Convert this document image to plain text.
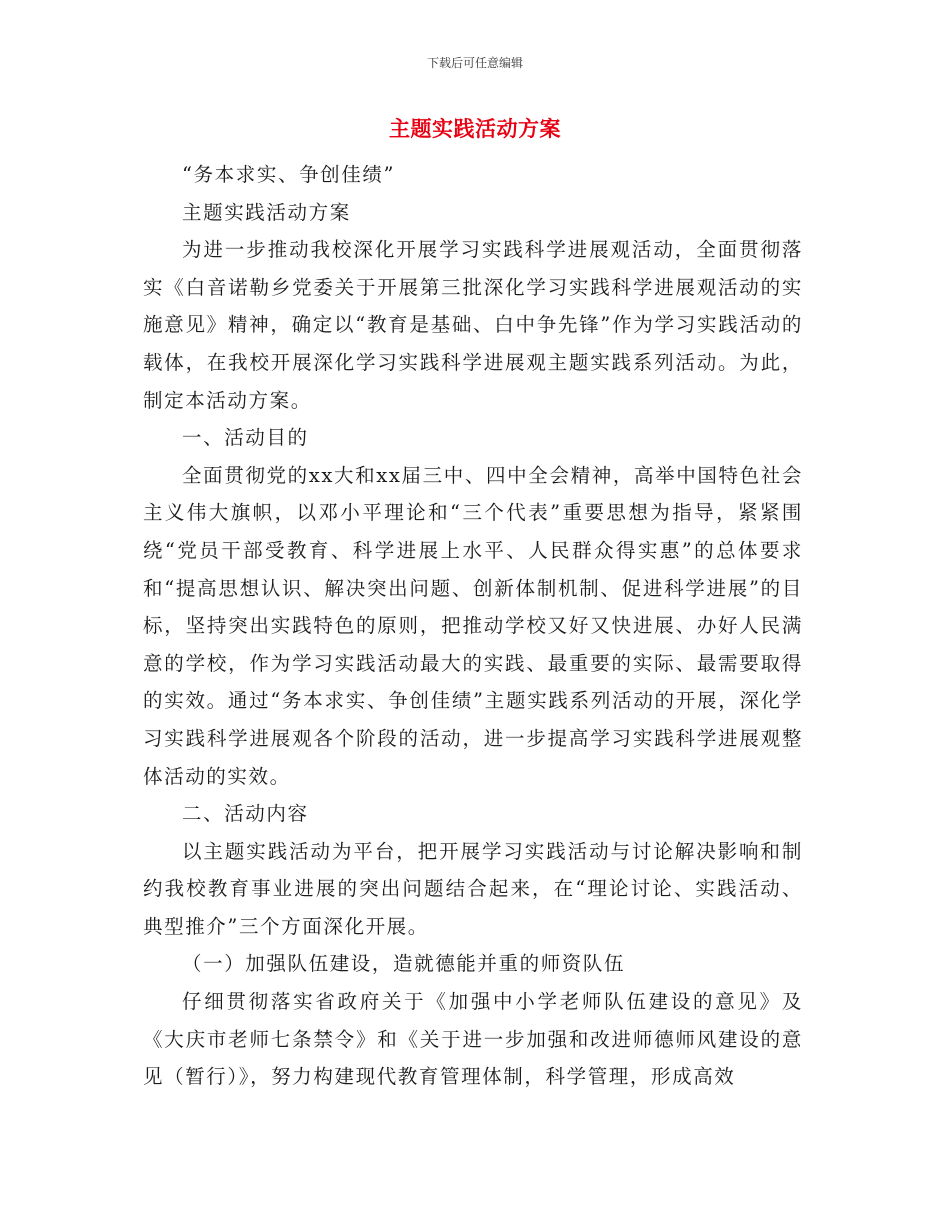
下载后可任意编辑
主题实践活动方案

“务本求实、争创佳绩”

主题实践活动方案

为进一步推动我校深化开展学习实践科学进展观活动，全面贯彻落实《白音诺勒乡党委关于开展第三批深化学习实践科学进展观活动的实施意见》精神，确定以“教育是基础、白中争先锋”作为学习实践活动的载体，在我校开展深化学习实践科学进展观主题实践系列活动。为此，制定本活动方案。

一、活动目的

全面贯彻党的xx大和xx届三中、四中全会精神，高举中国特色社会主义伟大旗帜，以邓小平理论和“三个代表”重要思想为指导，紧紧围绕“党员干部受教育、科学进展上水平、人民群众得实惠”的总体要求和“提高思想认识、解决突出问题、创新体制机制、促进科学进展”的目标，坚持突出实践特色的原则，把推动学校又好又快进展、办好人民满意的学校，作为学习实践活动最大的实践、最重要的实际、最需要取得的实效。通过“务本求实、争创佳绩”主题实践系列活动的开展，深化学习实践科学进展观各个阶段的活动，进一步提高学习实践科学进展观整体活动的实效。

二、活动内容

以主题实践活动为平台，把开展学习实践活动与讨论解决影响和制约我校教育事业进展的突出问题结合起来，在“理论讨论、实践活动、典型推介”三个方面深化开展。

（一）加强队伍建设，造就德能并重的师资队伍

仔细贯彻落实省政府关于《加强中小学老师队伍建设的意见》及《大庆市老师七条禁令》和《关于进一步加强和改进师德师风建设的意见（暂行）》，努力构建现代教育管理体制，科学管理，形成高效
